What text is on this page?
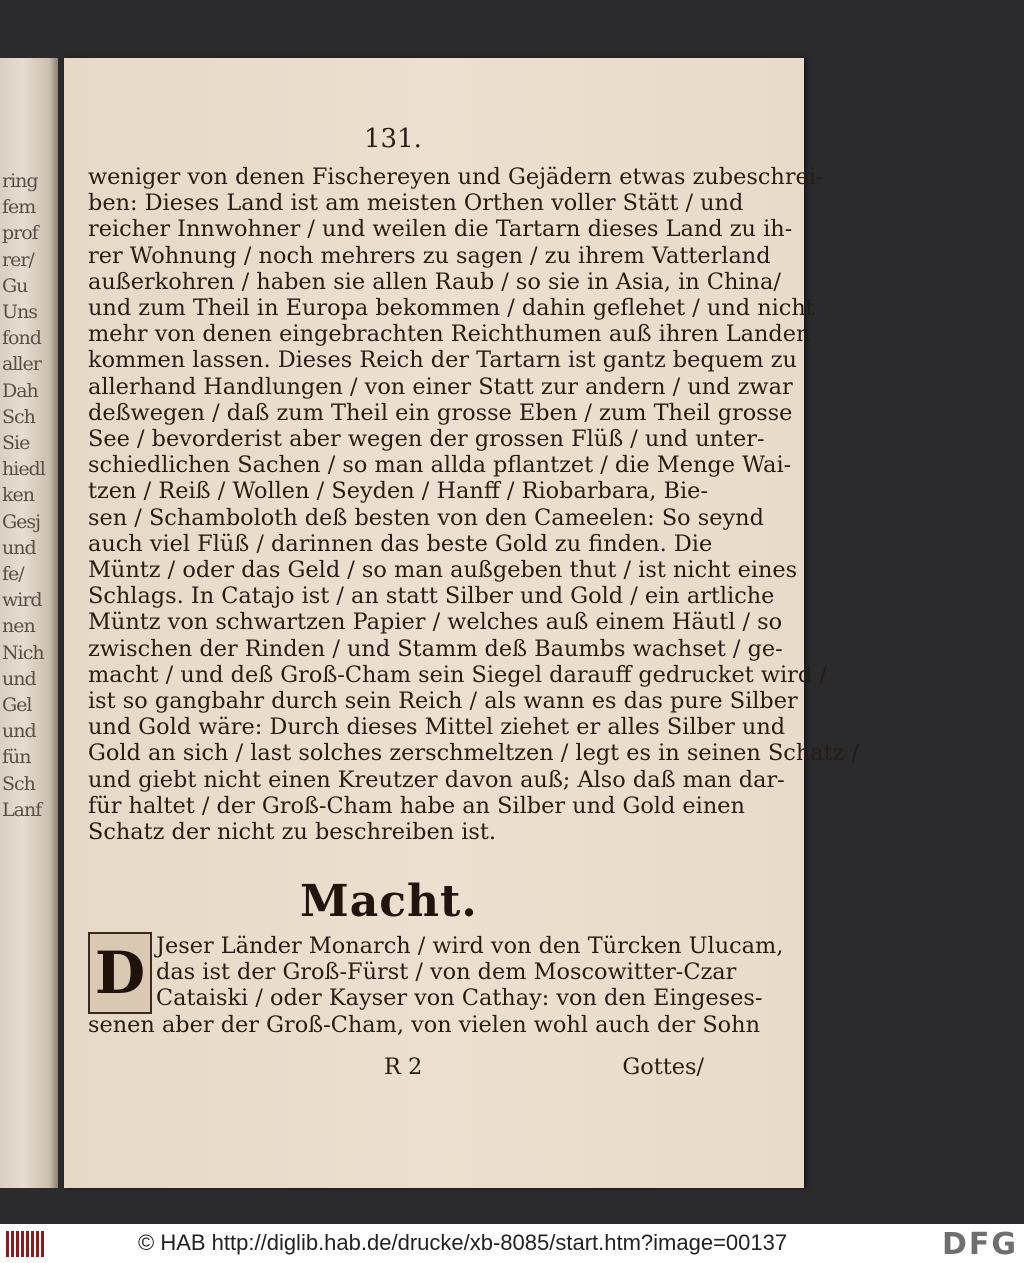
ring
fem
prof
rer/
Gu
Uns
fond
aller
Dah
Sch
Sie
hiedl
ken
Gesj
und
fe/
wird
nen
Nich
und
Gel
und
fün
Sch
Lanf
131.
weniger von denen Fischereyen und Gejädern etwas zubeschrei-
ben: Dieses Land ist am meisten Orthen voller Stätt / und
reicher Innwohner / und weilen die Tartarn dieses Land zu ih-
rer Wohnung / noch mehrers zu sagen / zu ihrem Vatterland
außerkohren / haben sie allen Raub / so sie in Asia, in China/
und zum Theil in Europa bekommen / dahin geflehet / und nicht
mehr von denen eingebrachten Reichthumen auß ihren Landen
kommen lassen. Dieses Reich der Tartarn ist gantz bequem zu
allerhand Handlungen / von einer Statt zur andern / und zwar
deßwegen / daß zum Theil ein grosse Eben / zum Theil grosse
See / bevorderist aber wegen der grossen Flüß / und unter-
schiedlichen Sachen / so man allda pflantzet / die Menge Wai-
tzen / Reiß / Wollen / Seyden / Hanff / Riobarbara, Bie-
sen / Schamboloth deß besten von den Cameelen: So seynd
auch viel Flüß / darinnen das beste Gold zu finden. Die
Müntz / oder das Geld / so man außgeben thut / ist nicht eines
Schlags. In Catajo ist / an statt Silber und Gold / ein artliche
Müntz von schwartzen Papier / welches auß einem Häutl / so
zwischen der Rinden / und Stamm deß Baumbs wachset / ge-
macht / und deß Groß-Cham sein Siegel darauff gedrucket wird /
ist so gangbahr durch sein Reich / als wann es das pure Silber
und Gold wäre: Durch dieses Mittel ziehet er alles Silber und
Gold an sich / last solches zerschmeltzen / legt es in seinen Schatz /
und giebt nicht einen Kreutzer davon auß; Also daß man dar-
für haltet / der Groß-Cham habe an Silber und Gold einen
Schatz der nicht zu beschreiben ist.
Macht.
D Jeser Länder Monarch / wird von den Türcken Ulucam,
das ist der Groß-Fürst / von dem Moscowitter-Czar
Cataiski / oder Kayser von Cathay: von den Eingeses-
senen aber der Groß-Cham, von vielen wohl auch der Sohn
R 2	Gottes/
© HAB http://diglib.hab.de/drucke/xb-8085/start.htm?image=00137	DFG
